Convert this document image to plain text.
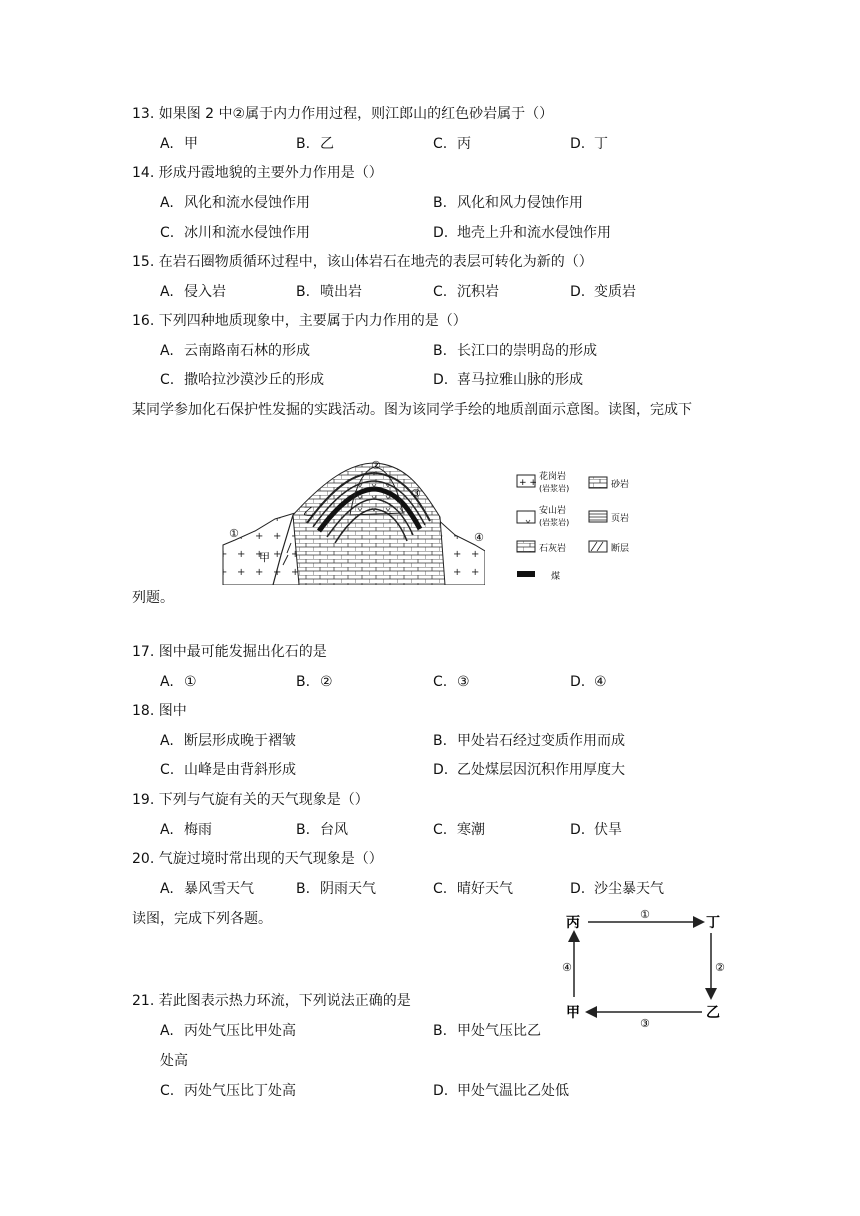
13. 如果图 2 中②属于内力作用过程，则江郎山的红色砂岩属于（）
A. 甲	B. 乙	C. 丙	D. 丁
14. 形成丹霞地貌的主要外力作用是（）
A. 风化和流水侵蚀作用	B. 风化和风力侵蚀作用
C. 冰川和流水侵蚀作用	D. 地壳上升和流水侵蚀作用
15. 在岩石圈物质循环过程中，该山体岩石在地壳的表层可转化为新的（）
A. 侵入岩	B. 喷出岩	C. 沉积岩	D. 变质岩
16. 下列四种地质现象中，主要属于内力作用的是（）
A. 云南路南石林的形成	B. 长江口的崇明岛的形成
C. 撒哈拉沙漠沙丘的形成	D. 喜马拉雅山脉的形成
某同学参加化石保护性发掘的实践活动。图为该同学手绘的地质剖面示意图。读图，完成下
①
②
③
④
甲
乙
+ +
花岗岩
(岩浆岩)	砂岩
安山岩
(岩浆岩)	页岩
石灰岩	断层
煤
列题。
17. 图中最可能发掘出化石的是
A. ①	B. ②	C. ③	D. ④
18. 图中
A. 断层形成晚于褶皱	B. 甲处岩石经过变质作用而成
C. 山峰是由背斜形成	D. 乙处煤层因沉积作用厚度大
19. 下列与气旋有关的天气现象是（）
A. 梅雨	B. 台风	C. 寒潮	D. 伏旱
20. 气旋过境时常出现的天气现象是（）
A. 暴风雪天气	B. 阴雨天气	C. 晴好天气	D. 沙尘暴天气
读图，完成下列各题。	丙	丁
乙
甲
①
②
③
④
21. 若此图表示热力环流，下列说法正确的是
A. 丙处气压比甲处高	B. 甲处气压比乙
处高
C. 丙处气压比丁处高	D. 甲处气温比乙处低
